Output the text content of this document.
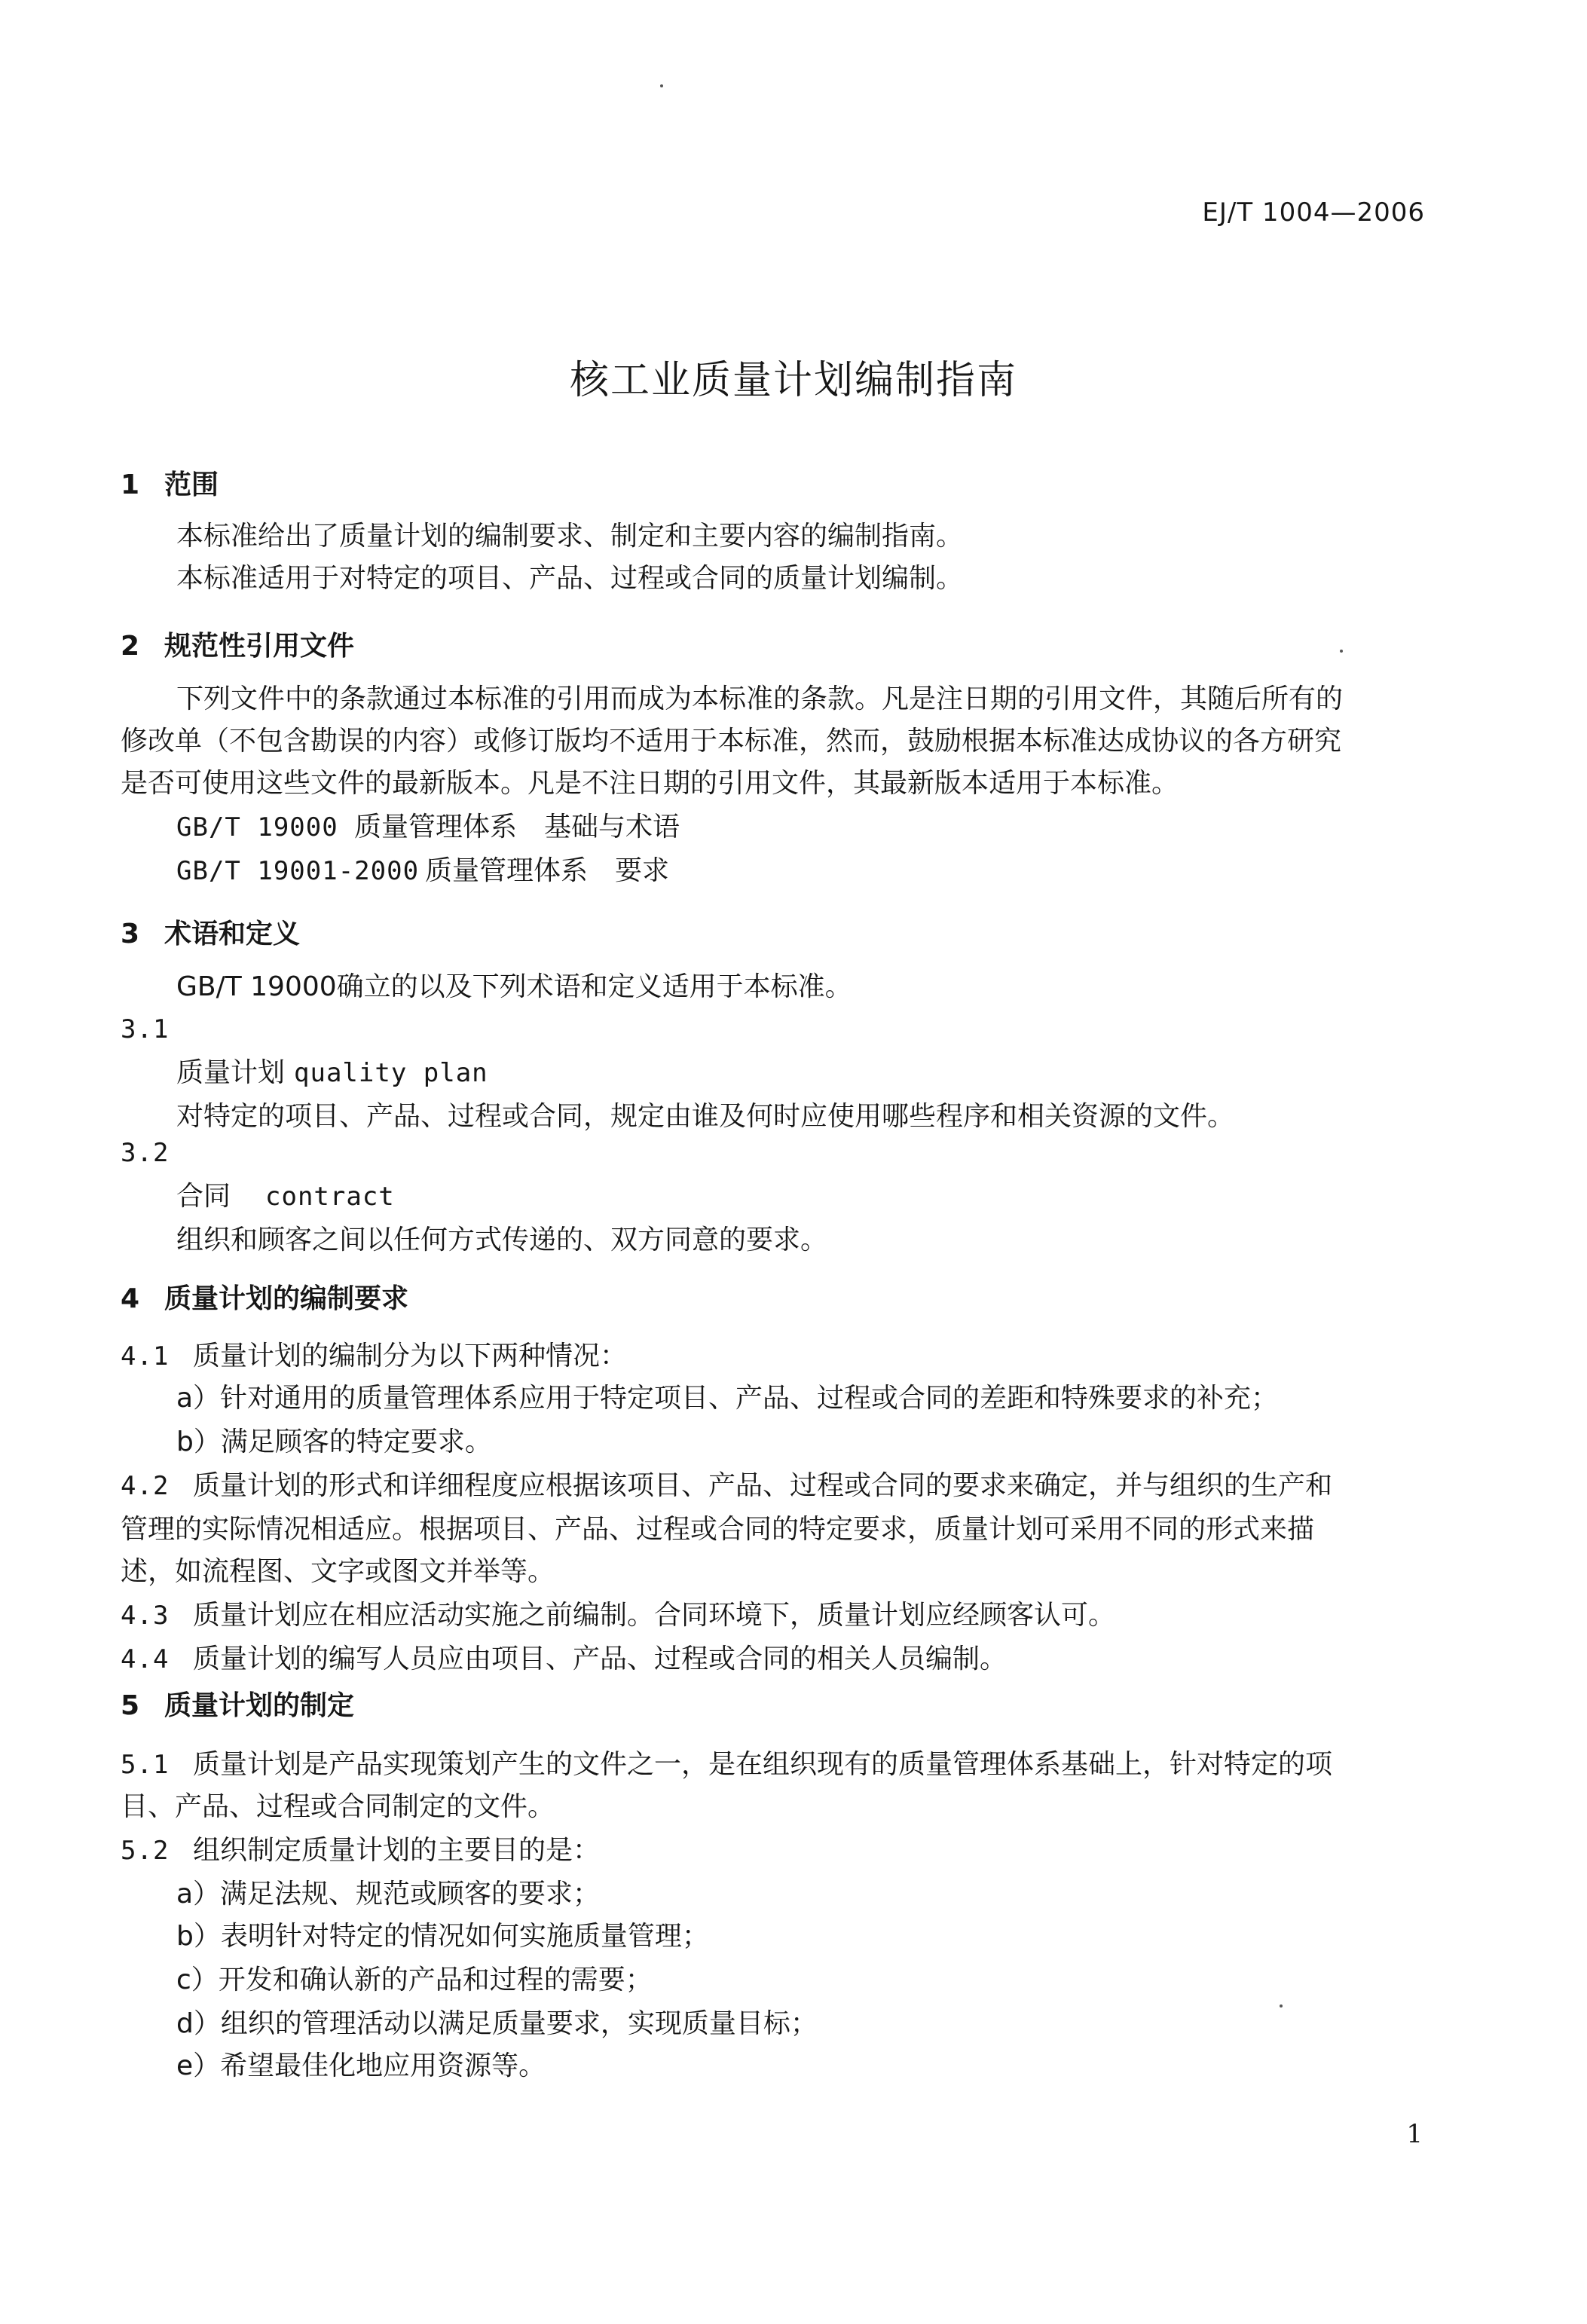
EJ/T 1004—2006
核工业质量计划编制指南
1 范围
本标准给出了质量计划的编制要求、制定和主要内容的编制指南。
本标准适用于对特定的项目、产品、过程或合同的质量计划编制。
2 规范性引用文件
下列文件中的条款通过本标准的引用而成为本标准的条款。凡是注日期的引用文件，其随后所有的
修改单（不包含勘误的内容）或修订版均不适用于本标准，然而，鼓励根据本标准达成协议的各方研究
是否可使用这些文件的最新版本。凡是不注日期的引用文件，其最新版本适用于本标准。
GB/T 19000 质量管理体系　基础与术语
GB/T 19001-2000 质量管理体系　要求
3 术语和定义
GB/T 19000确立的以及下列术语和定义适用于本标准。
3.1
质量计划 quality plan
对特定的项目、产品、过程或合同，规定由谁及何时应使用哪些程序和相关资源的文件。
3.2
合同 contract
组织和顾客之间以任何方式传递的、双方同意的要求。
4 质量计划的编制要求
4.1 质量计划的编制分为以下两种情况：
a）针对通用的质量管理体系应用于特定项目、产品、过程或合同的差距和特殊要求的补充；
b）满足顾客的特定要求。
4.2 质量计划的形式和详细程度应根据该项目、产品、过程或合同的要求来确定，并与组织的生产和
管理的实际情况相适应。根据项目、产品、过程或合同的特定要求，质量计划可采用不同的形式来描
述，如流程图、文字或图文并举等。
4.3 质量计划应在相应活动实施之前编制。合同环境下，质量计划应经顾客认可。
4.4 质量计划的编写人员应由项目、产品、过程或合同的相关人员编制。
5 质量计划的制定
5.1 质量计划是产品实现策划产生的文件之一，是在组织现有的质量管理体系基础上，针对特定的项
目、产品、过程或合同制定的文件。
5.2 组织制定质量计划的主要目的是：
a）满足法规、规范或顾客的要求；
b）表明针对特定的情况如何实施质量管理；
c）开发和确认新的产品和过程的需要；
d）组织的管理活动以满足质量要求，实现质量目标；
e）希望最佳化地应用资源等。
1
